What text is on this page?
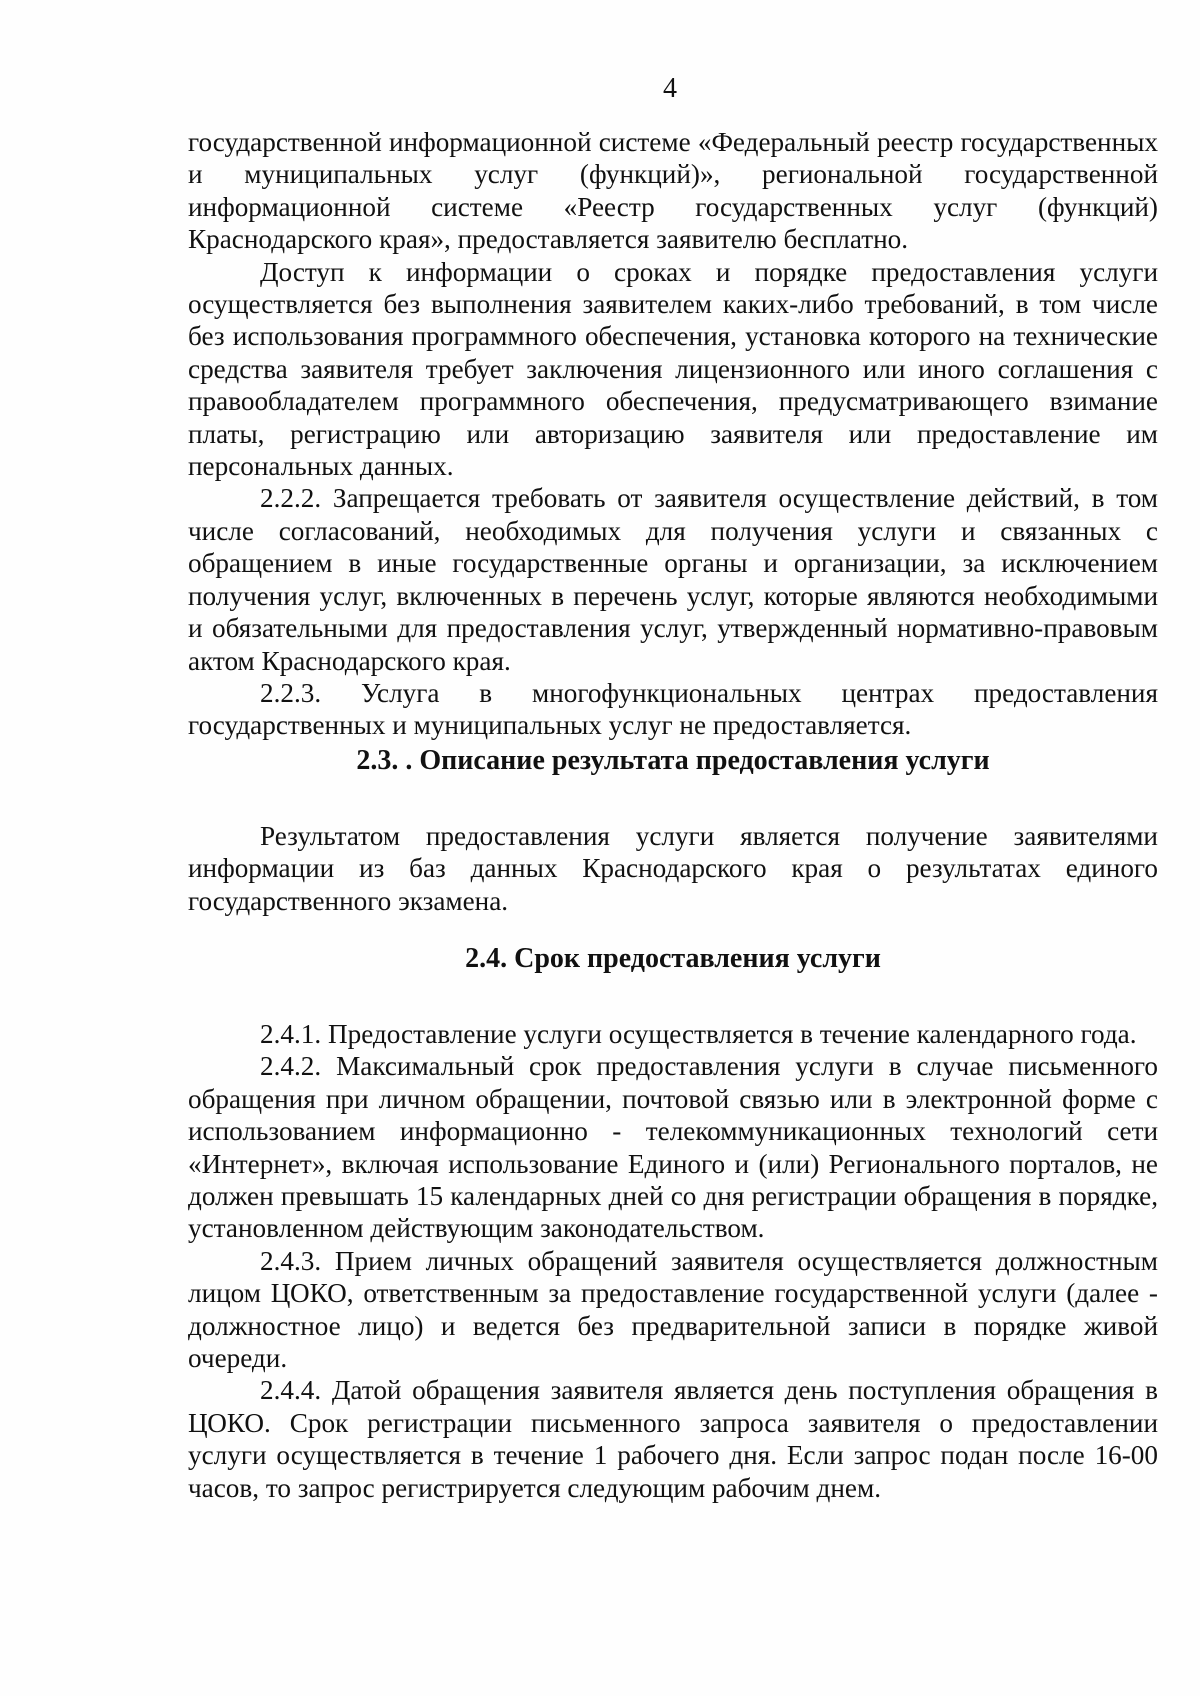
4

государственной информационной системе «Федеральный реестр государственных и муниципальных услуг (функций)», региональной государственной информационной системе «Реестр государственных услуг (функций) Краснодарского края», предоставляется заявителю бесплатно.

Доступ к информации о сроках и порядке предоставления услуги осуществляется без выполнения заявителем каких-либо требований, в том числе без использования программного обеспечения, установка которого на технические средства заявителя требует заключения лицензионного или иного соглашения с правообладателем программного обеспечения, предусматривающего взимание платы, регистрацию или авторизацию заявителя или предоставление им персональных данных.

2.2.2. Запрещается требовать от заявителя осуществление действий, в том числе согласований, необходимых для получения услуги и связанных с обращением в иные государственные органы и организации, за исключением получения услуг, включенных в перечень услуг, которые являются необходимыми и обязательными для предоставления услуг, утвержденный нормативно-правовым актом Краснодарского края.

2.2.3. Услуга в многофункциональных центрах предоставления государственных и муниципальных услуг не предоставляется.

2.3. . Описание результата предоставления услуги

Результатом предоставления услуги является получение заявителями информации из баз данных Краснодарского края о результатах единого государственного экзамена.

2.4. Срок предоставления услуги

2.4.1. Предоставление услуги осуществляется в течение календарного года.

2.4.2. Максимальный срок предоставления услуги в случае письменного обращения при личном обращении, почтовой связью или в электронной форме с использованием информационно - телекоммуникационных технологий сети «Интернет», включая использование Единого и (или) Регионального порталов, не должен превышать 15 календарных дней со дня регистрации обращения в порядке, установленном действующим законодательством.

2.4.3. Прием личных обращений заявителя осуществляется должностным лицом ЦОКО, ответственным за предоставление государственной услуги (далее - должностное лицо) и ведется без предварительной записи в порядке живой очереди.

2.4.4. Датой обращения заявителя является день поступления обращения в ЦОКО. Срок регистрации письменного запроса заявителя о предоставлении услуги осуществляется в течение 1 рабочего дня. Если запрос подан после 16-00 часов, то запрос регистрируется следующим рабочим днем.
